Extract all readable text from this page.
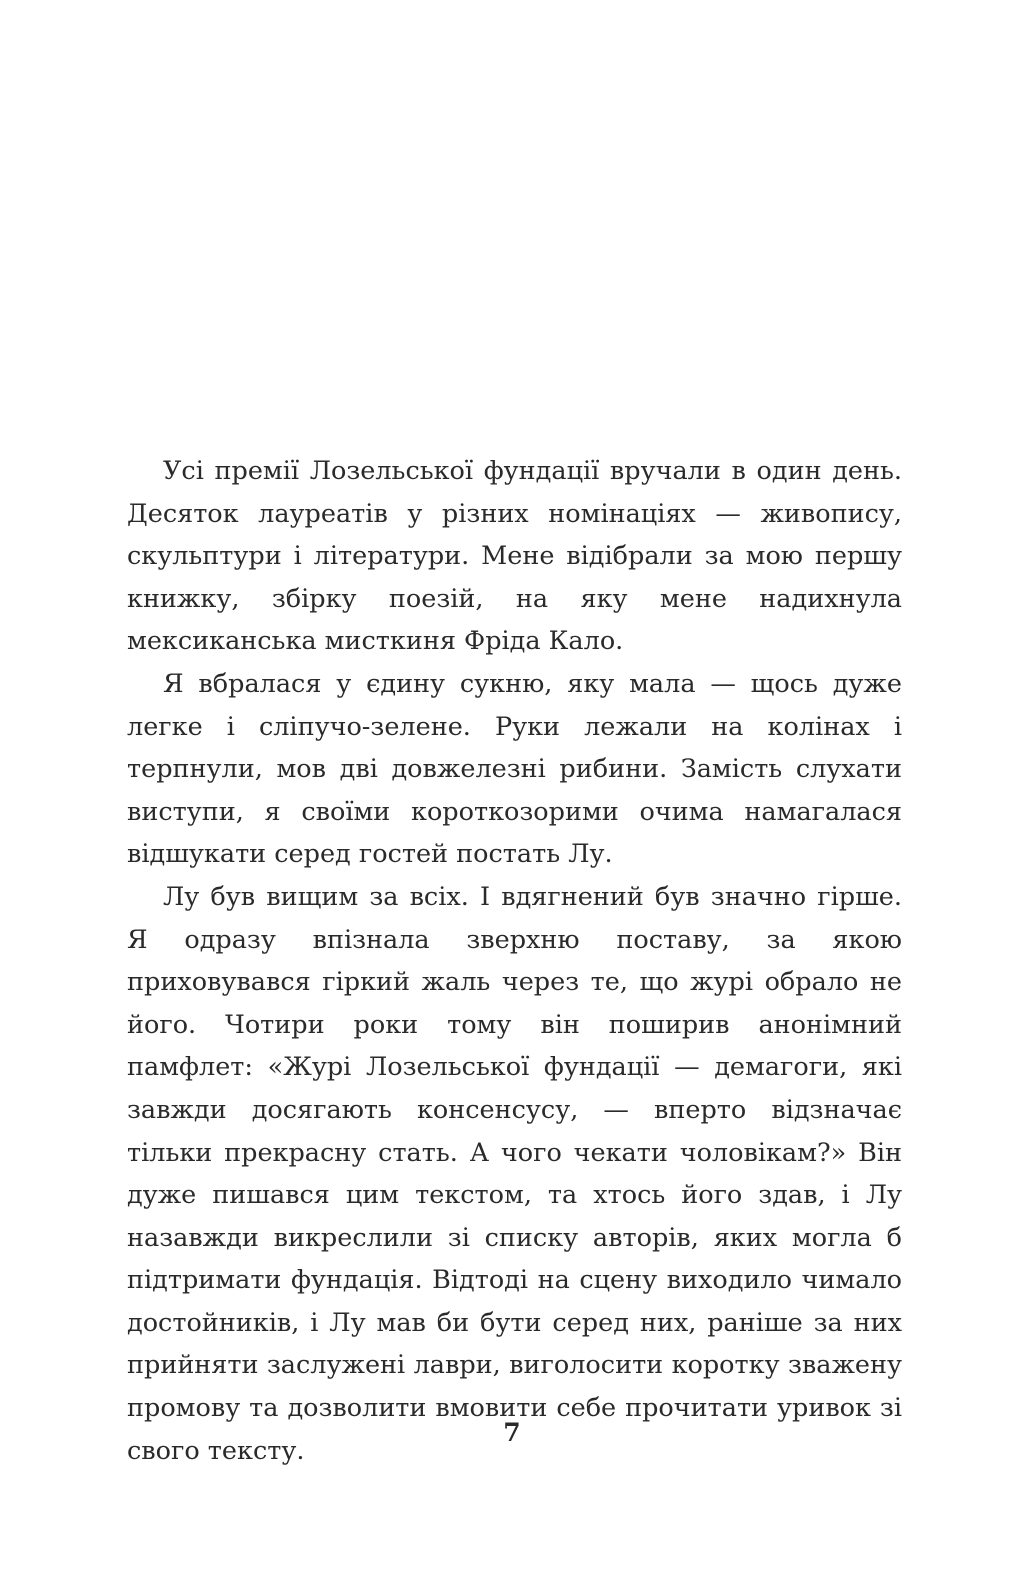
Усі премії Лозельської фундації вручали в один день. Десяток лауреатів у різних номінаціях — живопису, скульптури і літератури. Мене відібрали за мою першу книжку, збірку поезій, на яку мене надихнула мексиканська мисткиня Фріда Кало.

Я вбралася у єдину сукню, яку мала — щось дуже легке і сліпучо-зелене. Руки лежали на колінах і терпнули, мов дві довжелезні рибини. Замість слухати виступи, я своїми короткозорими очима намагалася відшукати серед гостей постать Лу.

Лу був вищим за всіх. І вдягнений був значно гірше. Я одразу впізнала зверхню поставу, за якою приховувався гіркий жаль через те, що журі обрало не його. Чотири роки тому він поширив анонімний памфлет: «Журі Лозельської фундації — демагоги, які завжди досягають консенсусу, — вперто відзначає тільки прекрасну стать. А чого чекати чоловікам?» Він дуже пишався цим текстом, та хтось його здав, і Лу назавжди викреслили зі списку авторів, яких могла б підтримати фундація. Відтоді на сцену виходило чимало достойників, і Лу мав би бути серед них, раніше за них прийняти заслужені лаври, виголосити коротку зважену промову та дозволити вмовити себе прочитати уривок зі свого тексту.

7
